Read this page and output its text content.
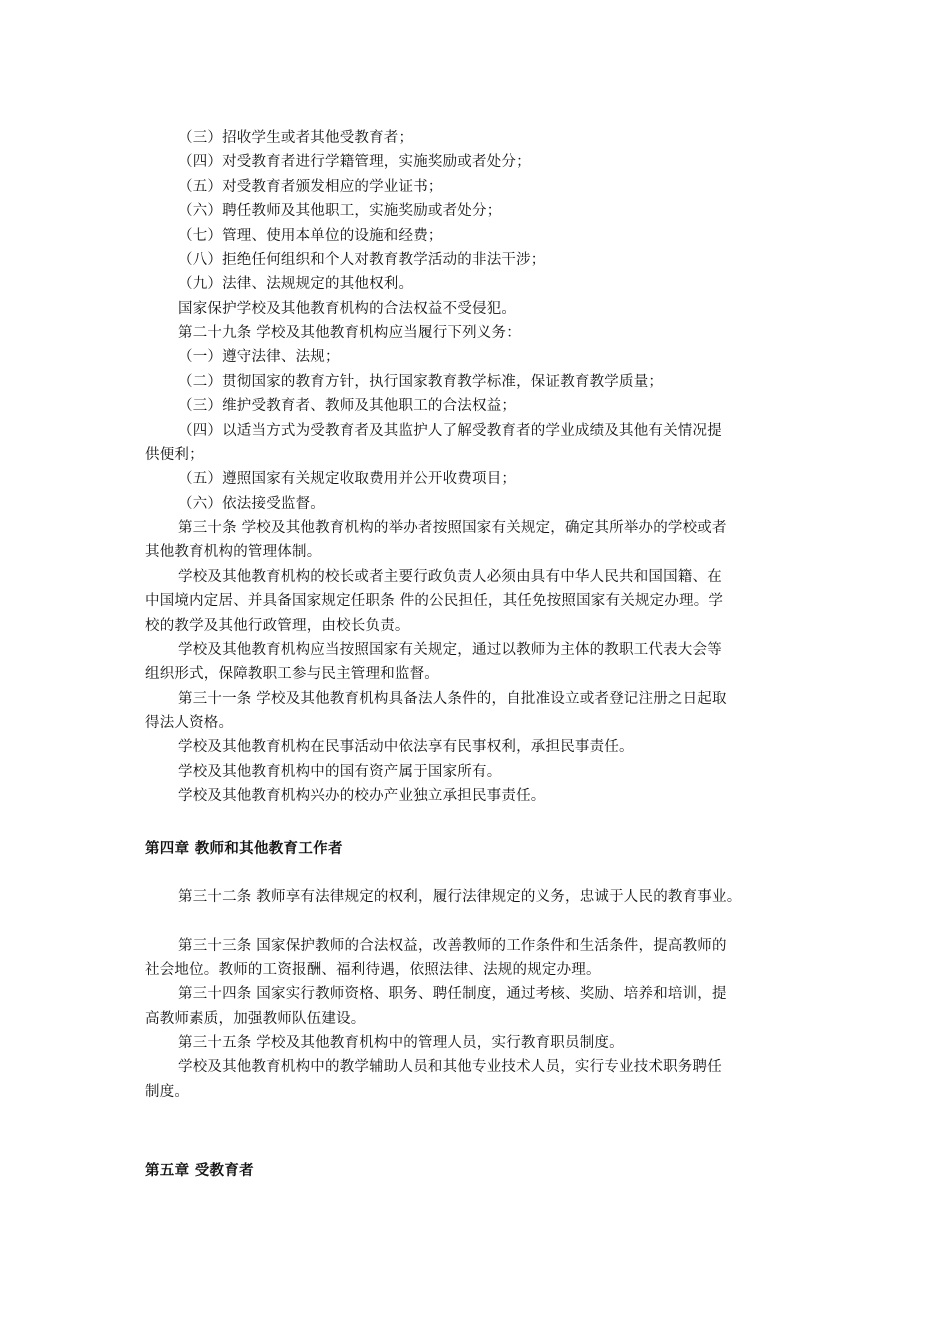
（三）招收学生或者其他受教育者；
（四）对受教育者进行学籍管理，实施奖励或者处分；
（五）对受教育者颁发相应的学业证书；
（六）聘任教师及其他职工，实施奖励或者处分；
（七）管理、使用本单位的设施和经费；
（八）拒绝任何组织和个人对教育教学活动的非法干涉；
（九）法律、法规规定的其他权利。
国家保护学校及其他教育机构的合法权益不受侵犯。
第二十九条 学校及其他教育机构应当履行下列义务：
（一）遵守法律、法规；
（二）贯彻国家的教育方针，执行国家教育教学标准，保证教育教学质量；
（三）维护受教育者、教师及其他职工的合法权益；
（四）以适当方式为受教育者及其监护人了解受教育者的学业成绩及其他有关情况提
供便利；
（五）遵照国家有关规定收取费用并公开收费项目；
（六）依法接受监督。
第三十条 学校及其他教育机构的举办者按照国家有关规定，确定其所举办的学校或者
其他教育机构的管理体制。
学校及其他教育机构的校长或者主要行政负责人必须由具有中华人民共和国国籍、在
中国境内定居、并具备国家规定任职条 件的公民担任，其任免按照国家有关规定办理。学
校的教学及其他行政管理，由校长负责。
学校及其他教育机构应当按照国家有关规定，通过以教师为主体的教职工代表大会等
组织形式，保障教职工参与民主管理和监督。
第三十一条 学校及其他教育机构具备法人条件的，自批准设立或者登记注册之日起取
得法人资格。
学校及其他教育机构在民事活动中依法享有民事权利，承担民事责任。
学校及其他教育机构中的国有资产属于国家所有。
学校及其他教育机构兴办的校办产业独立承担民事责任。
第四章 教师和其他教育工作者
第三十二条 教师享有法律规定的权利，履行法律规定的义务，忠诚于人民的教育事业。
第三十三条 国家保护教师的合法权益，改善教师的工作条件和生活条件，提高教师的
社会地位。教师的工资报酬、福利待遇，依照法律、法规的规定办理。
第三十四条 国家实行教师资格、职务、聘任制度，通过考核、奖励、培养和培训，提
高教师素质，加强教师队伍建设。
第三十五条 学校及其他教育机构中的管理人员，实行教育职员制度。
学校及其他教育机构中的教学辅助人员和其他专业技术人员，实行专业技术职务聘任
制度。
第五章 受教育者
